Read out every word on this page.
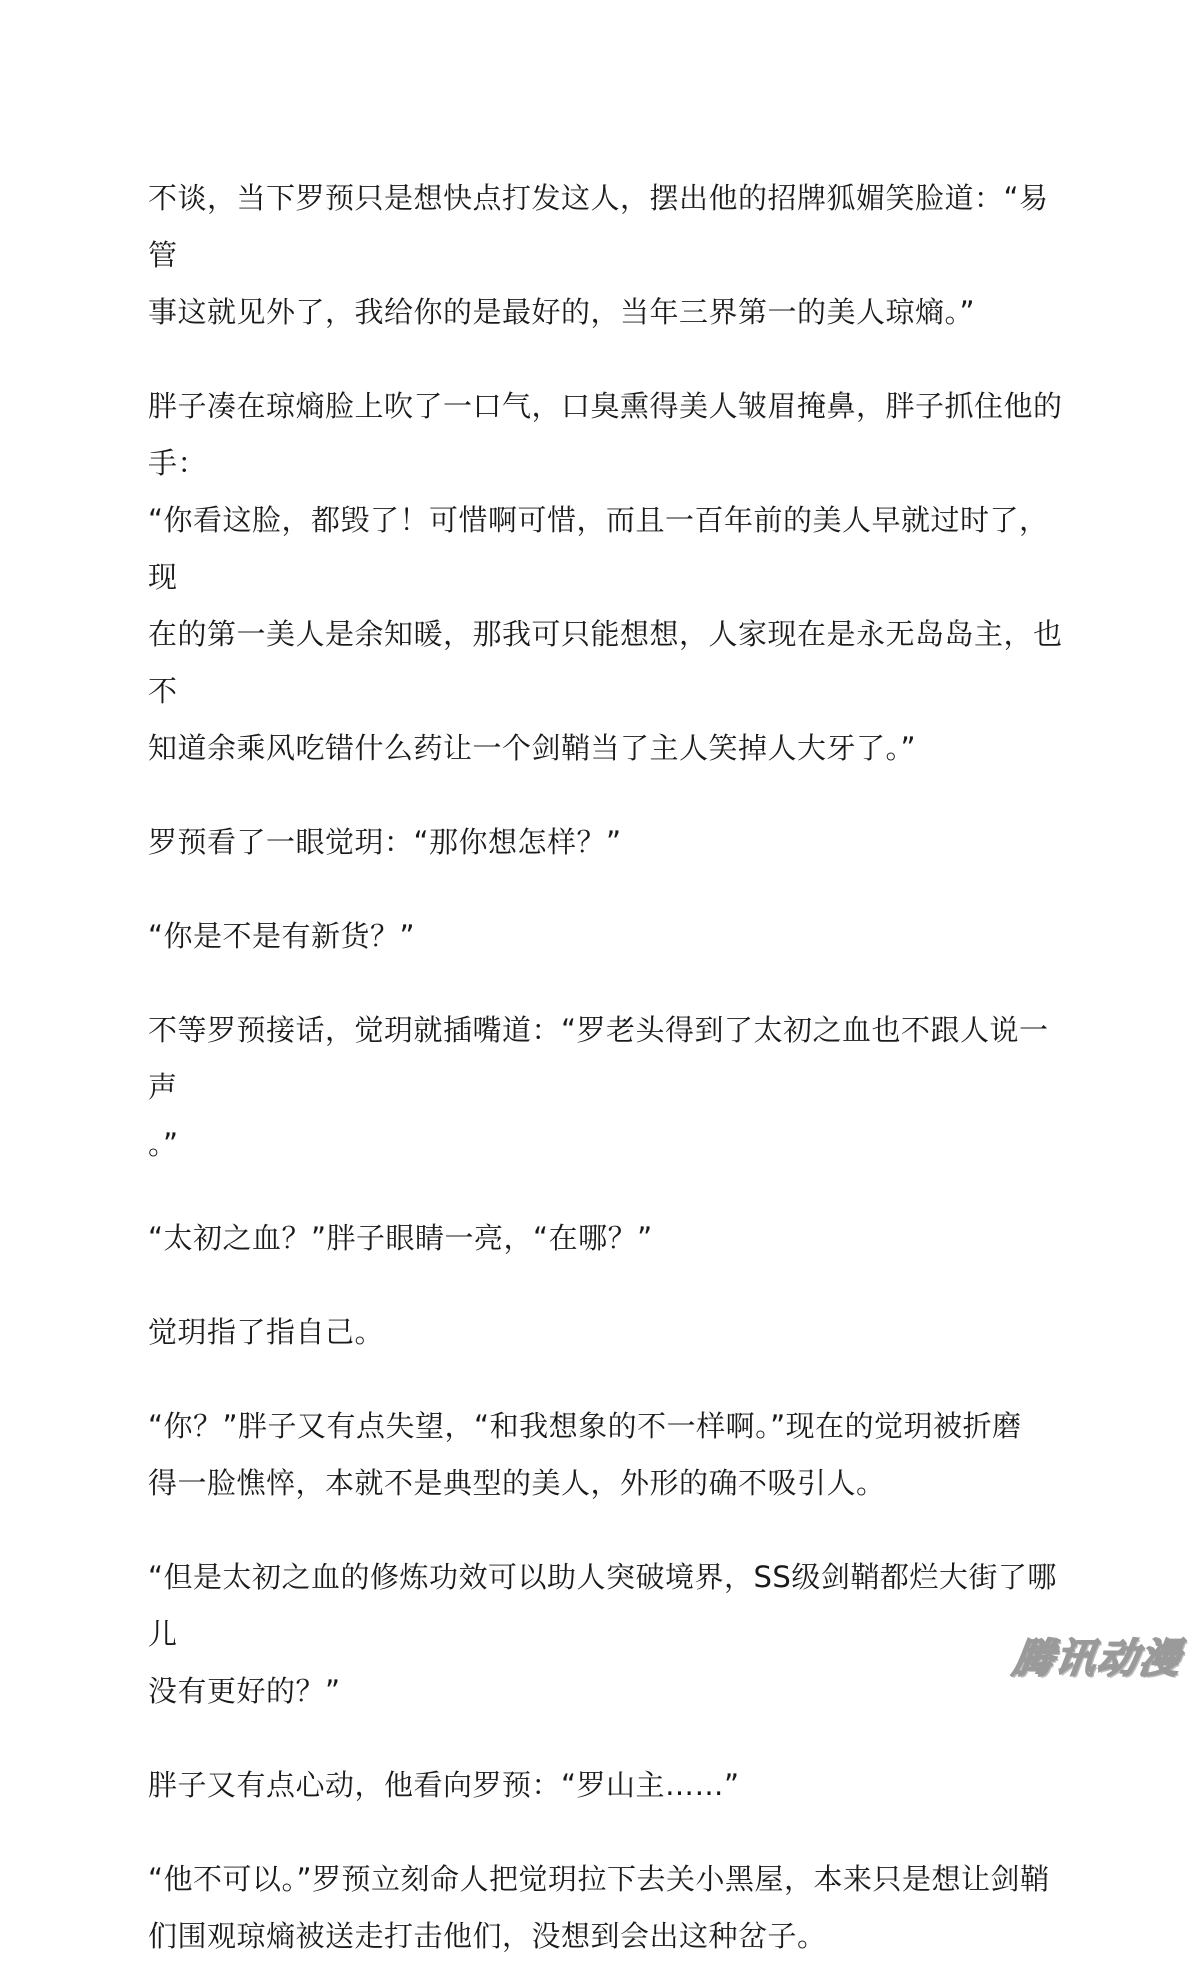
不谈，当下罗预只是想快点打发这人，摆出他的招牌狐媚笑脸道：“易管
事这就见外了，我给你的是最好的，当年三界第一的美人琼熵。”

胖子凑在琼熵脸上吹了一口气，口臭熏得美人皱眉掩鼻，胖子抓住他的手：
“你看这脸，都毁了！可惜啊可惜，而且一百年前的美人早就过时了，现
在的第一美人是余知暖，那我可只能想想，人家现在是永无岛岛主，也不
知道余乘风吃错什么药让一个剑鞘当了主人笑掉人大牙了。”

罗预看了一眼觉玥：“那你想怎样？”

“你是不是有新货？”

不等罗预接话，觉玥就插嘴道：“罗老头得到了太初之血也不跟人说一声
。”

“太初之血？”胖子眼睛一亮，“在哪？”

觉玥指了指自己。

“你？”胖子又有点失望，“和我想象的不一样啊。”现在的觉玥被折磨
得一脸憔悴，本就不是典型的美人，外形的确不吸引人。

“但是太初之血的修炼功效可以助人突破境界，SS级剑鞘都烂大街了哪儿
没有更好的？”

胖子又有点心动，他看向罗预：“罗山主……”

“他不可以。”罗预立刻命人把觉玥拉下去关小黑屋，本来只是想让剑鞘
们围观琼熵被送走打击他们，没想到会出这种岔子。

腾讯动漫
